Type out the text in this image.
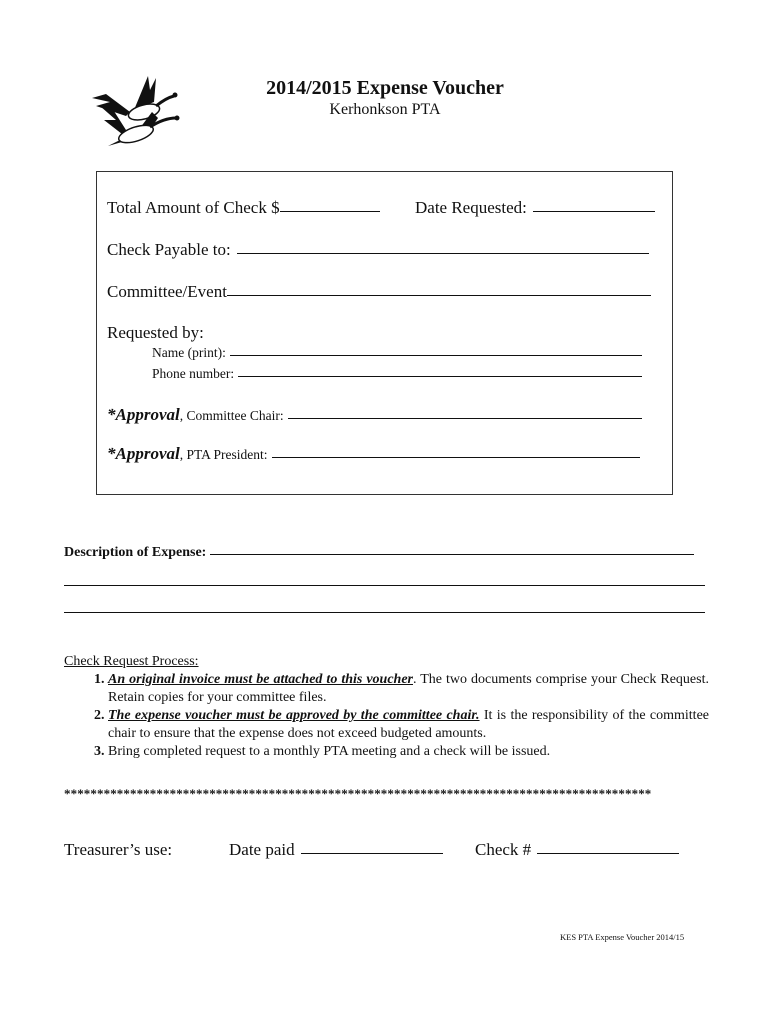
2014/2015 Expense Voucher
Kerhonkson PTA
Total Amount of Check $	Date Requested:
Check Payable to:
Committee/Event
Requested by:
Name (print):
Phone number:
*Approval , Committee Chair:
*Approval , PTA President:
Description of Expense:
Check Request Process:
1. An original invoice must be attached to this voucher. The two documents comprise your Check Request. Retain copies for your committee files.
2. The expense voucher must be approved by the committee chair. It is the responsibility of the committee chair to ensure that the expense does not exceed budgeted amounts.
3. Bring completed request to a monthly PTA meeting and a check will be issued.
*****************************************************************************************
Treasurer’s use:	Date paid	Check #
KES PTA Expense Voucher 2014/15
